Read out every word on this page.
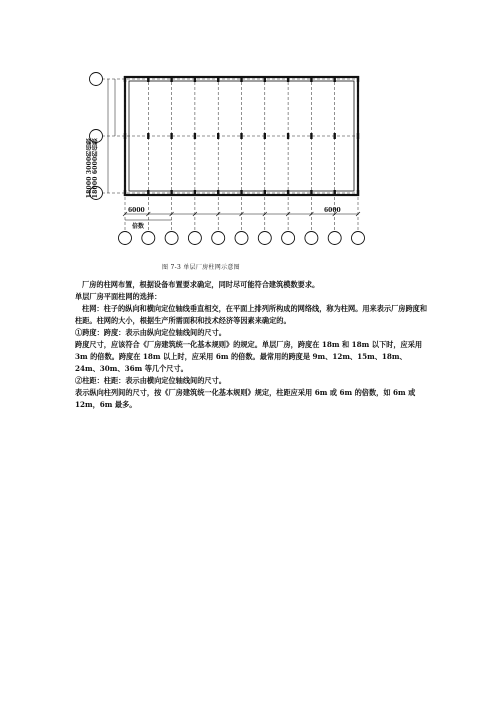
18000 3000的倍数 18000 6000的倍数
6000	6000
倍数
图 7-3 单层厂房柱网示意图

厂房的柱网布置，根据设备布置要求确定，同时尽可能符合建筑模数要求。

单层厂房平面柱网的选择：

柱网：柱子的纵向和横向定位轴线垂直相交，在平面上排列所构成的网络线，称为柱网。用来表示厂房跨度和柱距。柱网的大小，根据生产所需面积和技术经济等因素来确定的。

①跨度：跨度：表示由纵向定位轴线间的尺寸。

跨度尺寸，应该符合《厂房建筑统一化基本规则》的规定。单层厂房，跨度在 18m 和 18m 以下时，应采用 3m 的倍数。跨度在 18m 以上时，应采用 6m 的倍数。最常用的跨度是 9m、12m、15m、18m、24m、30m、36m 等几个尺寸。

②柱距：柱距：表示由横向定位轴线间的尺寸。

表示纵向柱列间的尺寸，按《厂房建筑统一化基本规则》规定，柱距应采用 6m 或 6m 的倍数，如 6m 或 12m，6m 最多。
